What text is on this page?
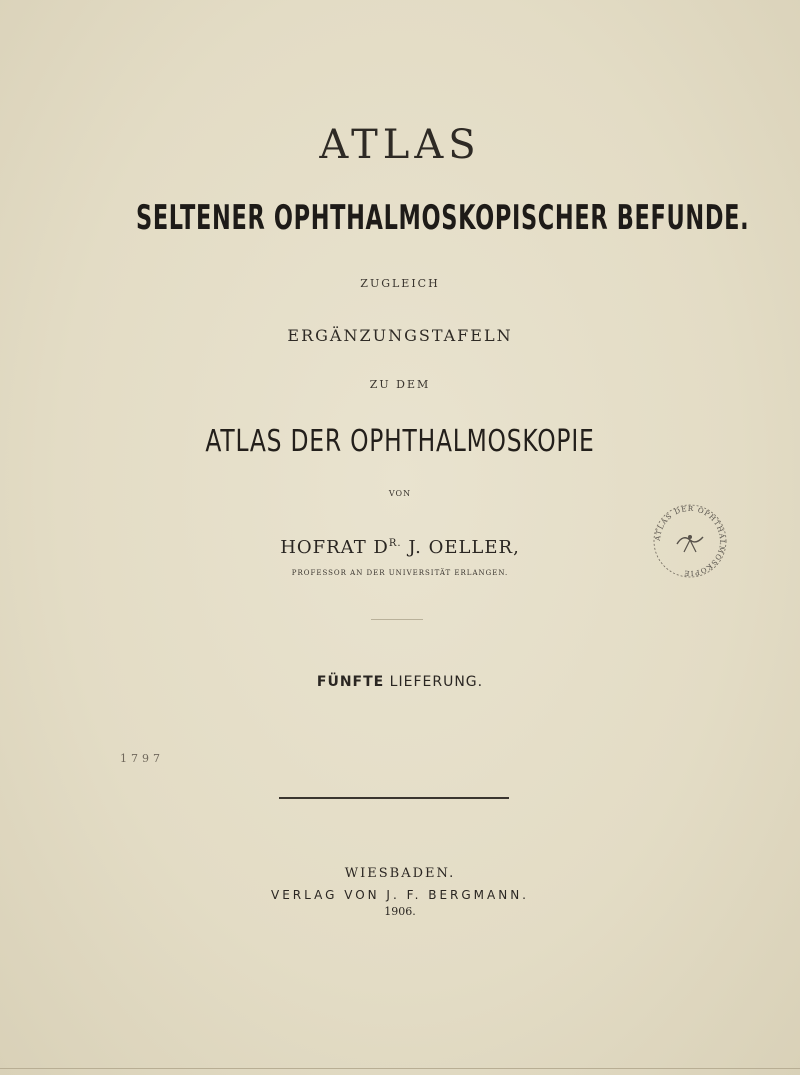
ATLAS
SELTENER OPHTHALMOSKOPISCHER BEFUNDE.
ZUGLEICH
ERGÄNZUNGSTAFELN
ZU DEM
ATLAS DER OPHTHALMOSKOPIE
VON
HOFRAT $D^{R.}$ J. OELLER,
PROFESSOR AN DER UNIVERSITÄT ERLANGEN.
FÜNFTE LIEFERUNG.
1797
WIESBADEN.
VERLAG VON J. F. BERGMANN.
1906.
ATLAS DER OPHTHALMOSKOPIE
